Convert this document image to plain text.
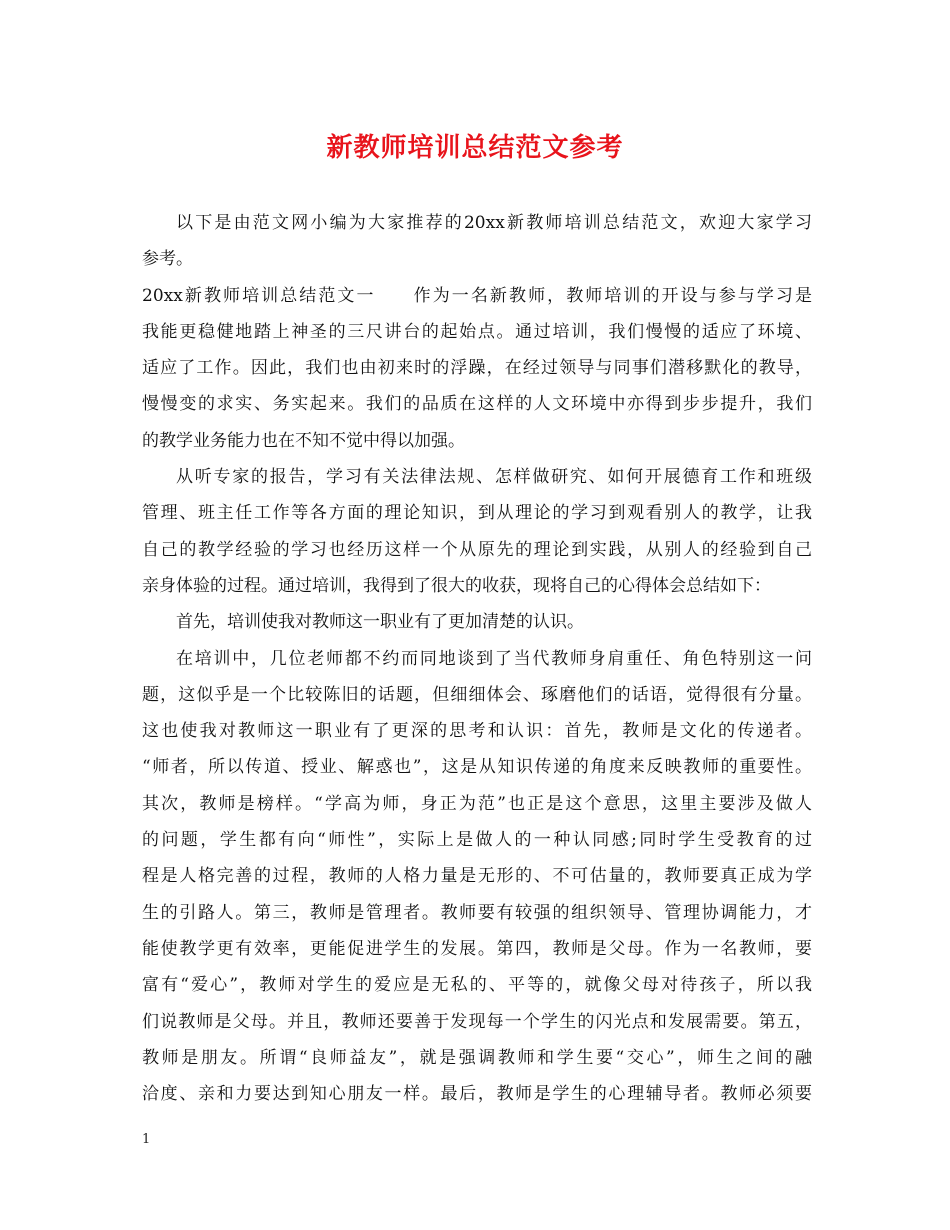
新教师培训总结范文参考
以下是由范文网小编为大家推荐的20xx新教师培训总结范文，欢迎大家学习
参考。
20xx新教师培训总结范文一　　作为一名新教师，教师培训的开设与参与学习是
我能更稳健地踏上神圣的三尺讲台的起始点。通过培训，我们慢慢的适应了环境、
适应了工作。因此，我们也由初来时的浮躁，在经过领导与同事们潜移默化的教导，
慢慢变的求实、务实起来。我们的品质在这样的人文环境中亦得到步步提升，我们
的教学业务能力也在不知不觉中得以加强。
从听专家的报告，学习有关法律法规、怎样做研究、如何开展德育工作和班级
管理、班主任工作等各方面的理论知识，到从理论的学习到观看别人的教学，让我
自己的教学经验的学习也经历这样一个从原先的理论到实践，从别人的经验到自己
亲身体验的过程。通过培训，我得到了很大的收获，现将自己的心得体会总结如下：
首先，培训使我对教师这一职业有了更加清楚的认识。
在培训中，几位老师都不约而同地谈到了当代教师身肩重任、角色特别这一问
题，这似乎是一个比较陈旧的话题，但细细体会、琢磨他们的话语，觉得很有分量。
这也使我对教师这一职业有了更深的思考和认识：首先，教师是文化的传递者。
“师者，所以传道、授业、解惑也”，这是从知识传递的角度来反映教师的重要性。
其次，教师是榜样。“学高为师，身正为范”也正是这个意思，这里主要涉及做人
的问题，学生都有向“师性”，实际上是做人的一种认同感;同时学生受教育的过
程是人格完善的过程，教师的人格力量是无形的、不可估量的，教师要真正成为学
生的引路人。第三，教师是管理者。教师要有较强的组织领导、管理协调能力，才
能使教学更有效率，更能促进学生的发展。第四，教师是父母。作为一名教师，要
富有“爱心”，教师对学生的爱应是无私的、平等的，就像父母对待孩子，所以我
们说教师是父母。并且，教师还要善于发现每一个学生的闪光点和发展需要。第五，
教师是朋友。所谓“良师益友”，就是强调教师和学生要“交心”，师生之间的融
洽度、亲和力要达到知心朋友一样。最后，教师是学生的心理辅导者。教师必须要
1
